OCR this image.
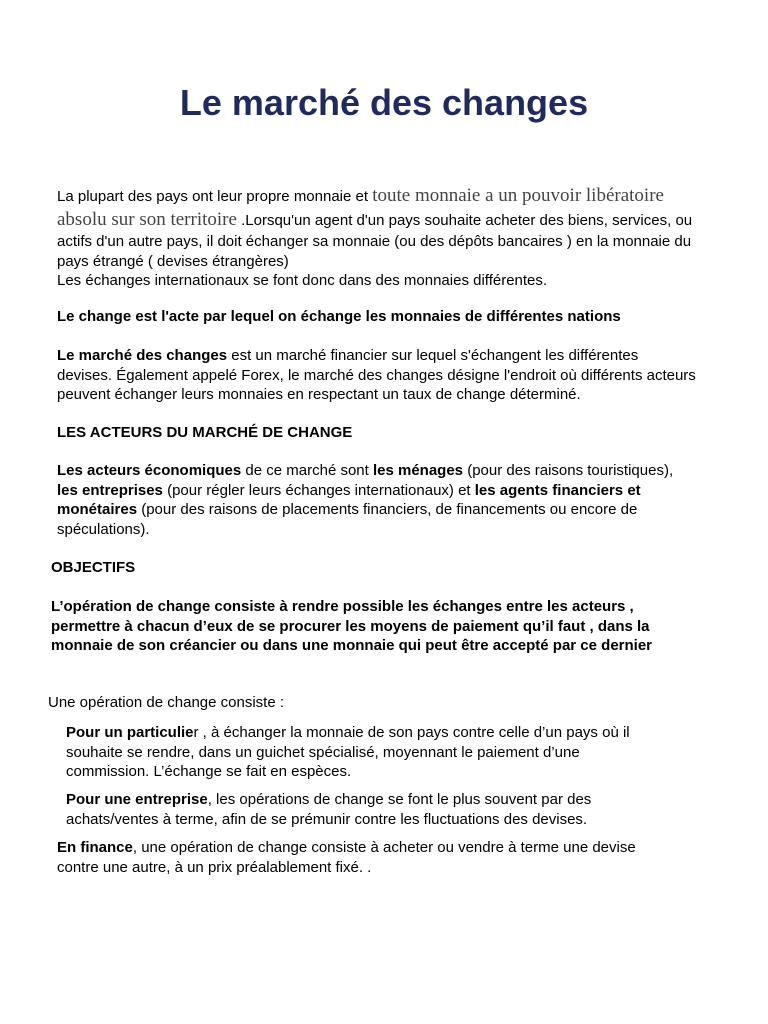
Le marché des changes
La plupart des pays ont leur propre monnaie et toute monnaie a un pouvoir libératoire absolu sur son territoire .Lorsqu'un agent d'un pays souhaite acheter des biens, services, ou actifs d'un autre pays, il doit échanger sa monnaie (ou des dépôts bancaires ) en la monnaie du pays étrangé ( devises étrangères)
Les échanges internationaux se font donc dans des monnaies différentes.
Le change est l'acte par lequel on échange les monnaies de différentes nations
Le marché des changes est un marché financier sur lequel s'échangent les différentes devises. Également appelé Forex, le marché des changes désigne l'endroit où différents acteurs peuvent échanger leurs monnaies en respectant un taux de change déterminé.
LES ACTEURS DU MARCHÉ DE CHANGE
Les acteurs économiques de ce marché sont les ménages (pour des raisons touristiques), les entreprises (pour régler leurs échanges internationaux) et les agents financiers et monétaires (pour des raisons de placements financiers, de financements ou encore de spéculations).
OBJECTIFS
L’opération de change consiste à rendre possible les échanges entre les acteurs , permettre à chacun d’eux de se procurer les moyens de paiement qu’il faut , dans la monnaie de son créancier ou dans une monnaie qui peut être accepté par ce dernier
Une opération de change consiste :
Pour un particulier , à échanger la monnaie de son pays contre celle d’un pays où il souhaite se rendre, dans un guichet spécialisé, moyennant le paiement d’une commission. L’échange se fait en espèces.
Pour une entreprise, les opérations de change se font le plus souvent par des achats/ventes à terme, afin de se prémunir contre les fluctuations des devises.
En finance, une opération de change consiste à acheter ou vendre à terme une devise contre une autre, à un prix préalablement fixé. .
